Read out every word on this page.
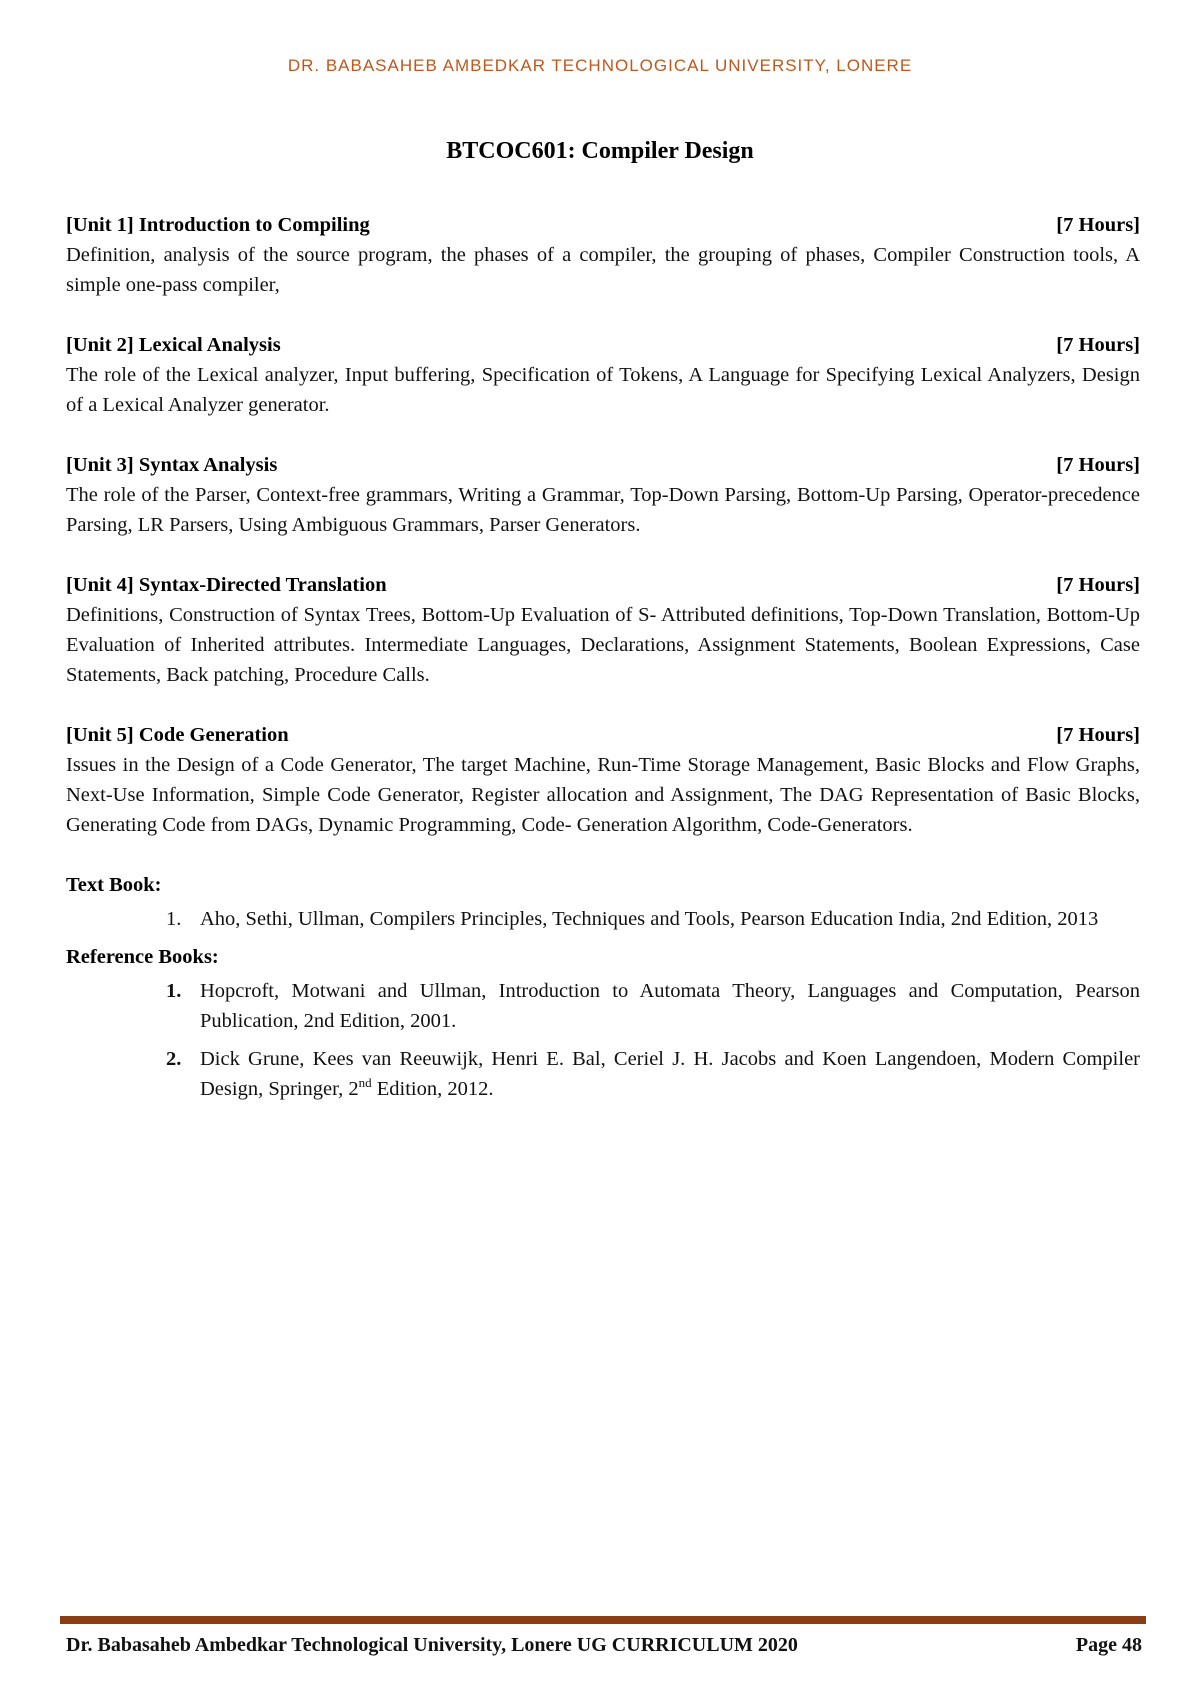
DR. BABASAHEB AMBEDKAR TECHNOLOGICAL UNIVERSITY, LONERE
BTCOC601: Compiler Design
[Unit 1] Introduction to Compiling	[7 Hours]
Definition, analysis of the source program, the phases of a compiler, the grouping of phases, Compiler Construction tools, A simple one-pass compiler,
[Unit 2] Lexical Analysis	[7 Hours]
The role of the Lexical analyzer, Input buffering, Specification of Tokens, A Language for Specifying Lexical Analyzers, Design of a Lexical Analyzer generator.
[Unit 3] Syntax Analysis	[7 Hours]
The role of the Parser, Context-free grammars, Writing a Grammar, Top-Down Parsing, Bottom-Up Parsing, Operator-precedence Parsing, LR Parsers, Using Ambiguous Grammars, Parser Generators.
[Unit 4] Syntax-Directed Translation	[7 Hours]
Definitions, Construction of Syntax Trees, Bottom-Up Evaluation of S- Attributed definitions, Top-Down Translation, Bottom-Up Evaluation of Inherited attributes. Intermediate Languages, Declarations, Assignment Statements, Boolean Expressions, Case Statements, Back patching, Procedure Calls.
[Unit 5] Code Generation	[7 Hours]
Issues in the Design of a Code Generator, The target Machine, Run-Time Storage Management, Basic Blocks and Flow Graphs, Next-Use Information, Simple Code Generator, Register allocation and Assignment, The DAG Representation of Basic Blocks, Generating Code from DAGs, Dynamic Programming, Code- Generation Algorithm, Code-Generators.
Text Book:
1. Aho, Sethi, Ullman, Compilers Principles, Techniques and Tools, Pearson Education India, 2nd Edition, 2013
Reference Books:
1. Hopcroft, Motwani and Ullman, Introduction to Automata Theory, Languages and Computation, Pearson Publication, 2nd Edition, 2001.
2. Dick Grune, Kees van Reeuwijk, Henri E. Bal, Ceriel J. H. Jacobs and Koen Langendoen, Modern Compiler Design, Springer, 2nd Edition, 2012.
Dr. Babasaheb Ambedkar Technological University, Lonere UG CURRICULUM 2020	Page 48
